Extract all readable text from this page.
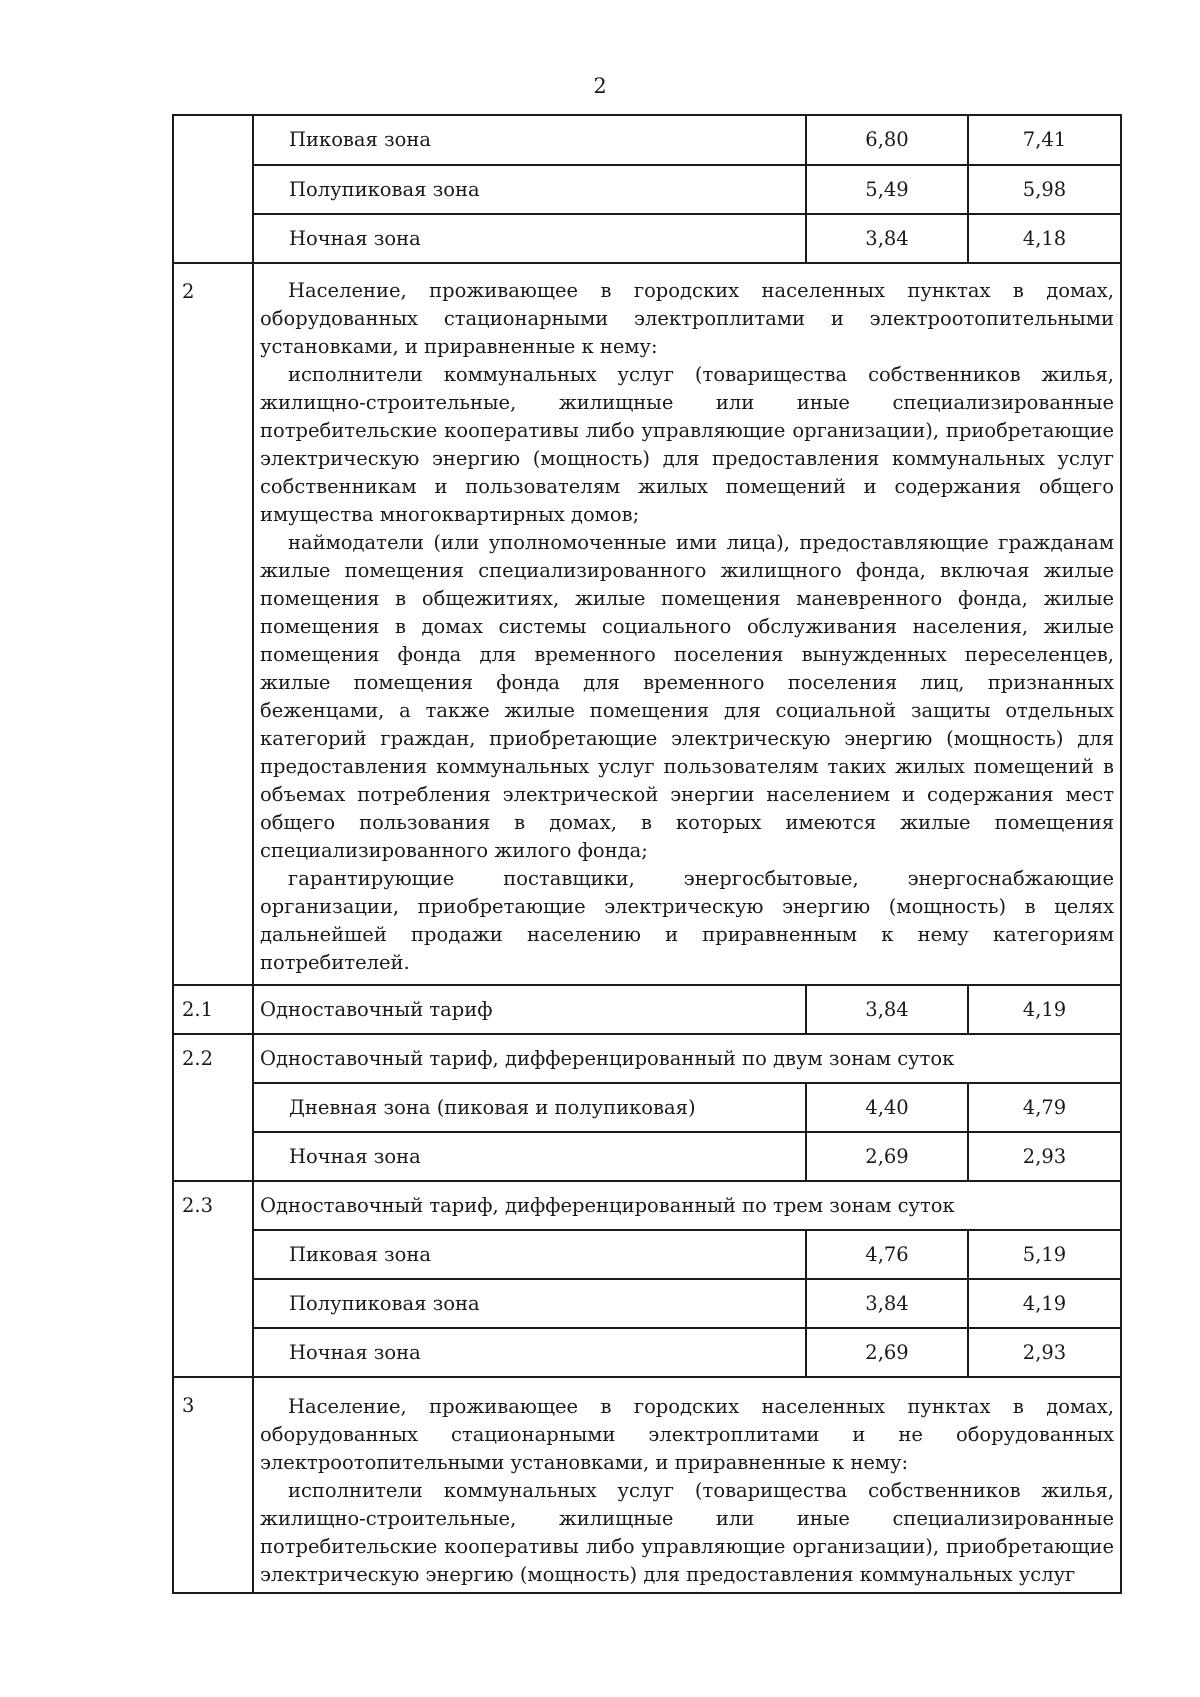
2
	Пиковая зона	6,80	7,41
	Полупиковая зона	5,49	5,98
	Ночная зона	3,84	4,18
2	Население, проживающее в городских населенных пунктах в домах, оборудованных стационарными электроплитами и электроотопительными установками, и приравненные к нему:

исполнители коммунальных услуг (товарищества собственников жилья, жилищно-строительные, жилищные или иные специализированные потребительские кооперативы либо управляющие организации), приобретающие электрическую энергию (мощность) для предоставления коммунальных услуг собственникам и пользователям жилых помещений и содержания общего имущества многоквартирных домов;

наймодатели (или уполномоченные ими лица), предоставляющие гражданам жилые помещения специализированного жилищного фонда, включая жилые помещения в общежитиях, жилые помещения маневренного фонда, жилые помещения в домах системы социального обслуживания населения, жилые помещения фонда для временного поселения вынужденных переселенцев, жилые помещения фонда для временного поселения лиц, признанных беженцами, а также жилые помещения для социальной защиты отдельных категорий граждан, приобретающие электрическую энергию (мощность) для предоставления коммунальных услуг пользователям таких жилых помещений в объемах потребления электрической энергии населением и содержания мест общего пользования в домах, в которых имеются жилые помещения специализированного жилого фонда;

гарантирующие поставщики, энергосбытовые, энергоснабжающие организации, приобретающие электрическую энергию (мощность) в целях дальнейшей продажи населению и приравненным к нему категориям потребителей.		

2.1	Одноставочный тариф	3,84	4,19
2.2	Одноставочный тариф, дифференцированный по двум зонам суток		
	Дневная зона (пиковая и полупиковая)	4,40	4,79
	Ночная зона	2,69	2,93
2.3	Одноставочный тариф, дифференцированный по трем зонам суток		
	Пиковая зона	4,76	5,19
	Полупиковая зона	3,84	4,19
	Ночная зона	2,69	2,93
3	Население, проживающее в городских населенных пунктах в домах, оборудованных стационарными электроплитами и не оборудованных электроотопительными установками, и приравненные к нему:

исполнители коммунальных услуг (товарищества собственников жилья, жилищно-строительные, жилищные или иные специализированные потребительские кооперативы либо управляющие организации), приобретающие электрическую энергию (мощность) для предоставления коммунальных услуг		
